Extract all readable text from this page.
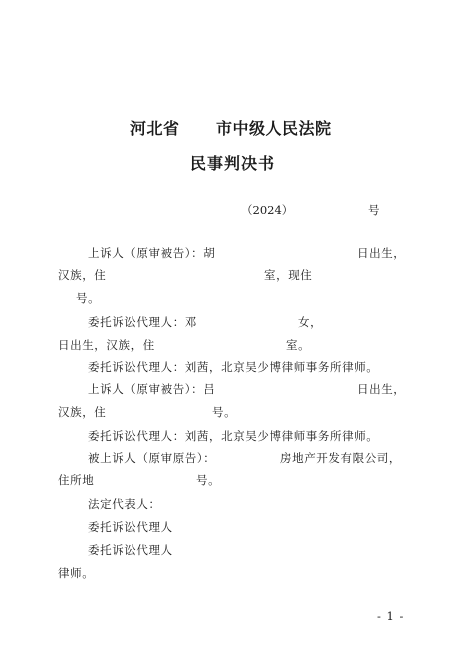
河北省 市中级人民法院
民事判决书
（2024）	号
上诉人（原审被告）：胡	日出生，
汉族，住	室，现住
号。
委托诉讼代理人：邓	女，
日出生，汉族，住	室。
委托诉讼代理人：刘茜，北京吴少博律师事务所律师。
上诉人（原审被告）：吕	日出生，
汉族，住	号。
委托诉讼代理人：刘茜，北京吴少博律师事务所律师。
被上诉人（原审原告）：	房地产开发有限公司，
住所地	号。
法定代表人：
委托诉讼代理人
委托诉讼代理人
律师。
- 1 -
